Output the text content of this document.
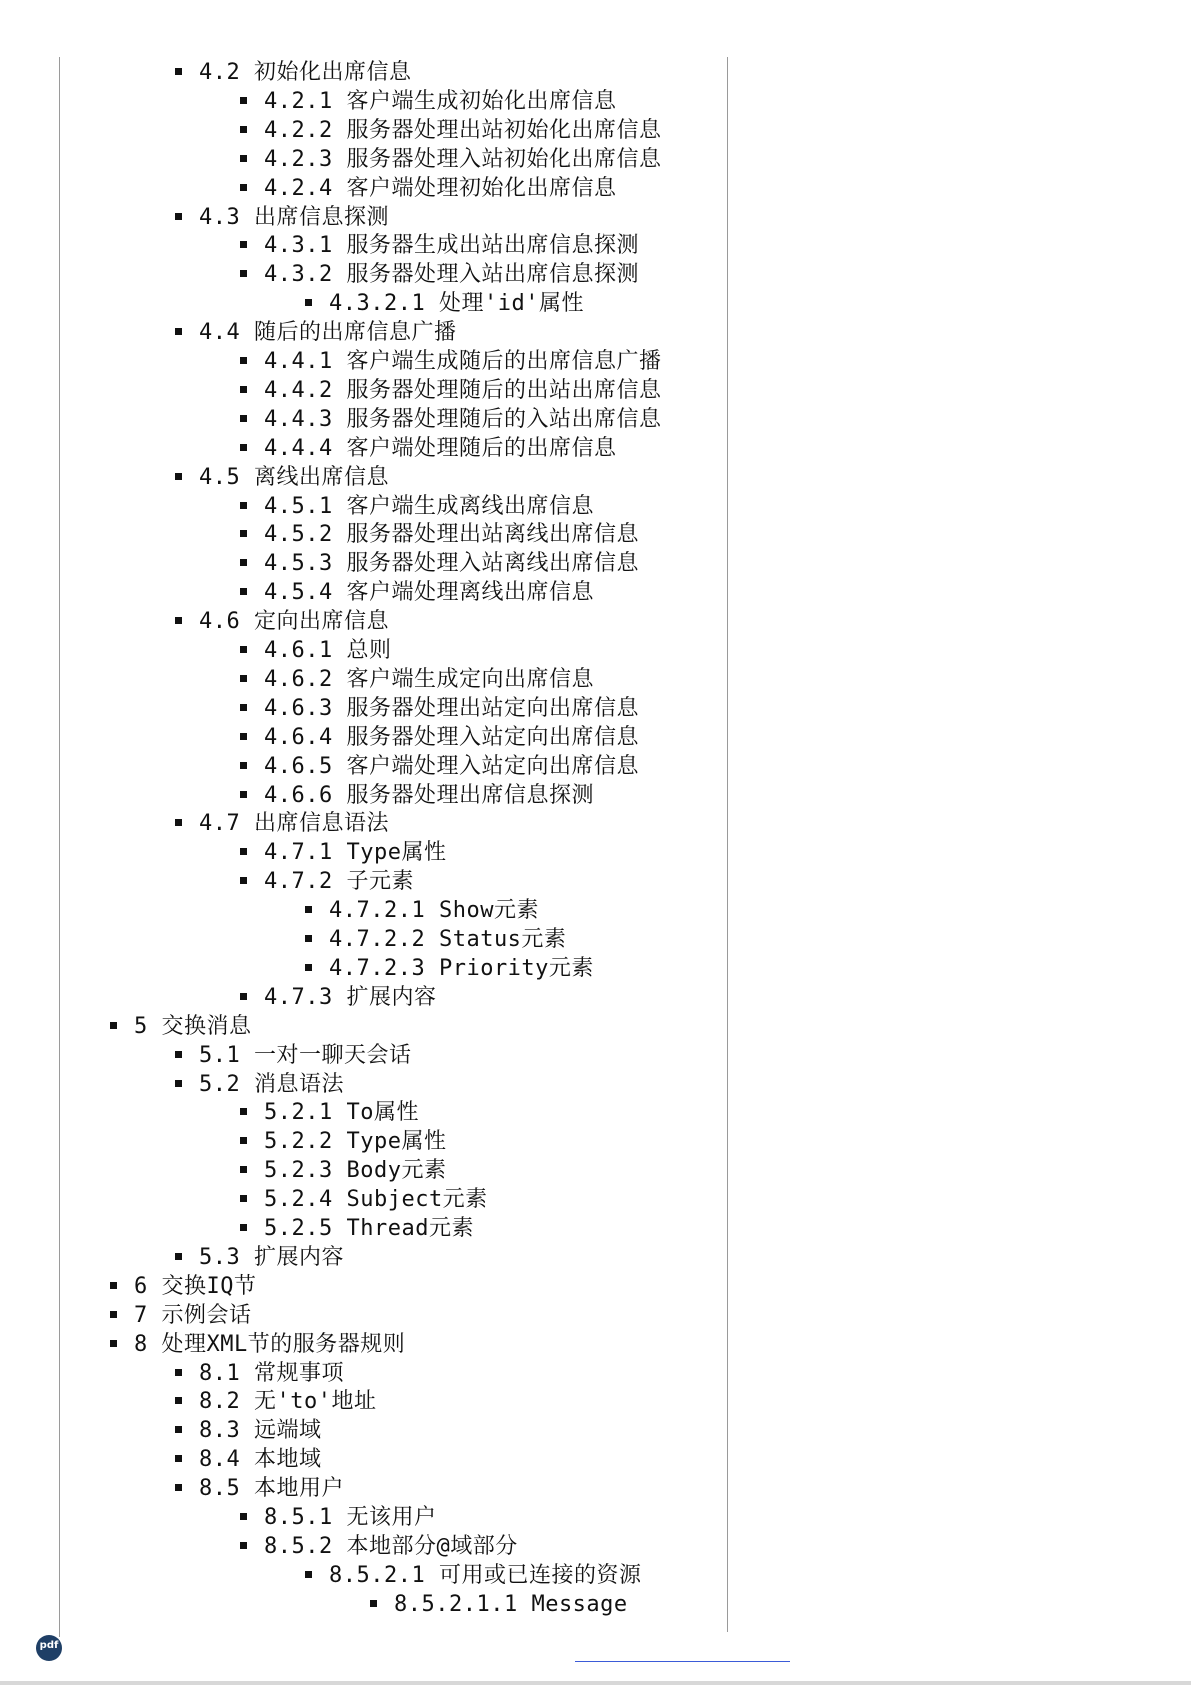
4.2 初始化出席信息
4.2.1 客户端生成初始化出席信息
4.2.2 服务器处理出站初始化出席信息
4.2.3 服务器处理入站初始化出席信息
4.2.4 客户端处理初始化出席信息
4.3 出席信息探测
4.3.1 服务器生成出站出席信息探测
4.3.2 服务器处理入站出席信息探测
4.3.2.1 处理'id'属性
4.4 随后的出席信息广播
4.4.1 客户端生成随后的出席信息广播
4.4.2 服务器处理随后的出站出席信息
4.4.3 服务器处理随后的入站出席信息
4.4.4 客户端处理随后的出席信息
4.5 离线出席信息
4.5.1 客户端生成离线出席信息
4.5.2 服务器处理出站离线出席信息
4.5.3 服务器处理入站离线出席信息
4.5.4 客户端处理离线出席信息
4.6 定向出席信息
4.6.1 总则
4.6.2 客户端生成定向出席信息
4.6.3 服务器处理出站定向出席信息
4.6.4 服务器处理入站定向出席信息
4.6.5 客户端处理入站定向出席信息
4.6.6 服务器处理出席信息探测
4.7 出席信息语法
4.7.1 Type属性
4.7.2 子元素
4.7.2.1 Show元素
4.7.2.2 Status元素
4.7.2.3 Priority元素
4.7.3 扩展内容
5 交换消息
5.1 一对一聊天会话
5.2 消息语法
5.2.1 To属性
5.2.2 Type属性
5.2.3 Body元素
5.2.4 Subject元素
5.2.5 Thread元素
5.3 扩展内容
6 交换IQ节
7 示例会话
8 处理XML节的服务器规则
8.1 常规事项
8.2 无'to'地址
8.3 远端域
8.4 本地域
8.5 本地用户
8.5.1 无该用户
8.5.2 本地部分@域部分
8.5.2.1 可用或已连接的资源
8.5.2.1.1 Message
pdf
